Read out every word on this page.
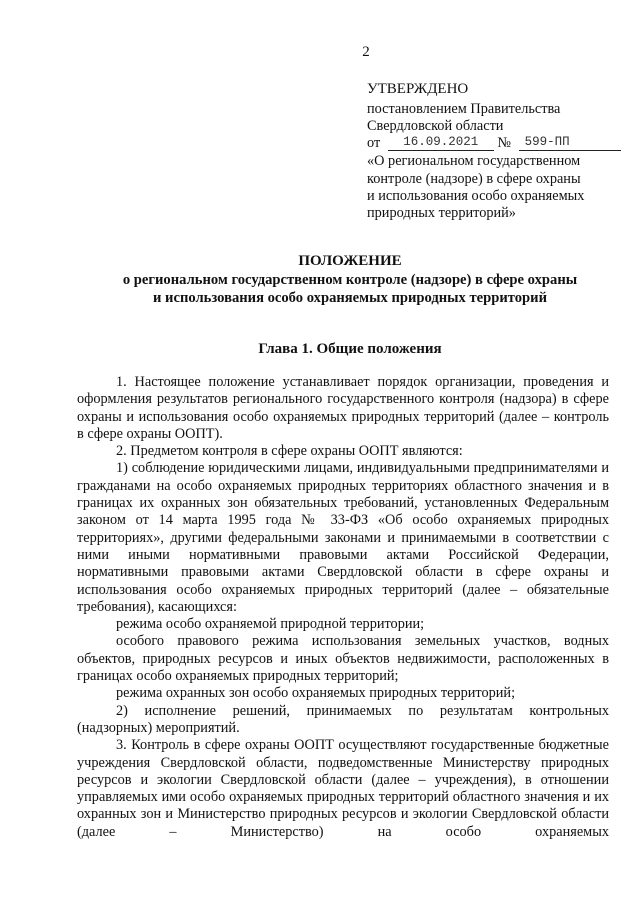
2
УТВЕРЖДЕНО
постановлением Правительства
Свердловской области
от 16.09.2021 № 599-ПП
«О региональном государственном
контроле (надзоре) в сфере охраны
и использования особо охраняемых
природных территорий»
ПОЛОЖЕНИЕ
о региональном государственном контроле (надзоре) в сфере охраны
и использования особо охраняемых природных территорий
Глава 1. Общие положения

1. Настоящее положение устанавливает порядок организации, проведения и оформления результатов регионального государственного контроля (надзора) в сфере охраны и использования особо охраняемых природных территорий (далее – контроль в сфере охраны ООПТ).

2. Предметом контроля в сфере охраны ООПТ являются:

1) соблюдение юридическими лицами, индивидуальными предпринимателями и гражданами на особо охраняемых природных территориях областного значения и в границах их охранных зон обязательных требований, установленных Федеральным законом от 14 марта 1995 года № 33-ФЗ «Об особо охраняемых природных территориях», другими федеральными законами и принимаемыми в соответствии с ними иными нормативными правовыми актами Российской Федерации, нормативными правовыми актами Свердловской области в сфере охраны и использования особо охраняемых природных территорий (далее – обязательные требования), касающихся:

режима особо охраняемой природной территории;

особого правового режима использования земельных участков, водных объектов, природных ресурсов и иных объектов недвижимости, расположенных в границах особо охраняемых природных территорий;

режима охранных зон особо охраняемых природных территорий;

2) исполнение решений, принимаемых по результатам контрольных (надзорных) мероприятий.

3. Контроль в сфере охраны ООПТ осуществляют государственные бюджетные учреждения Свердловской области, подведомственные Министерству природных ресурсов и экологии Свердловской области (далее – учреждения), в отношении управляемых ими особо охраняемых природных территорий областного значения и их охранных зон и Министерство природных ресурсов и экологии Свердловской области (далее – Министерство) на особо охраняемых
